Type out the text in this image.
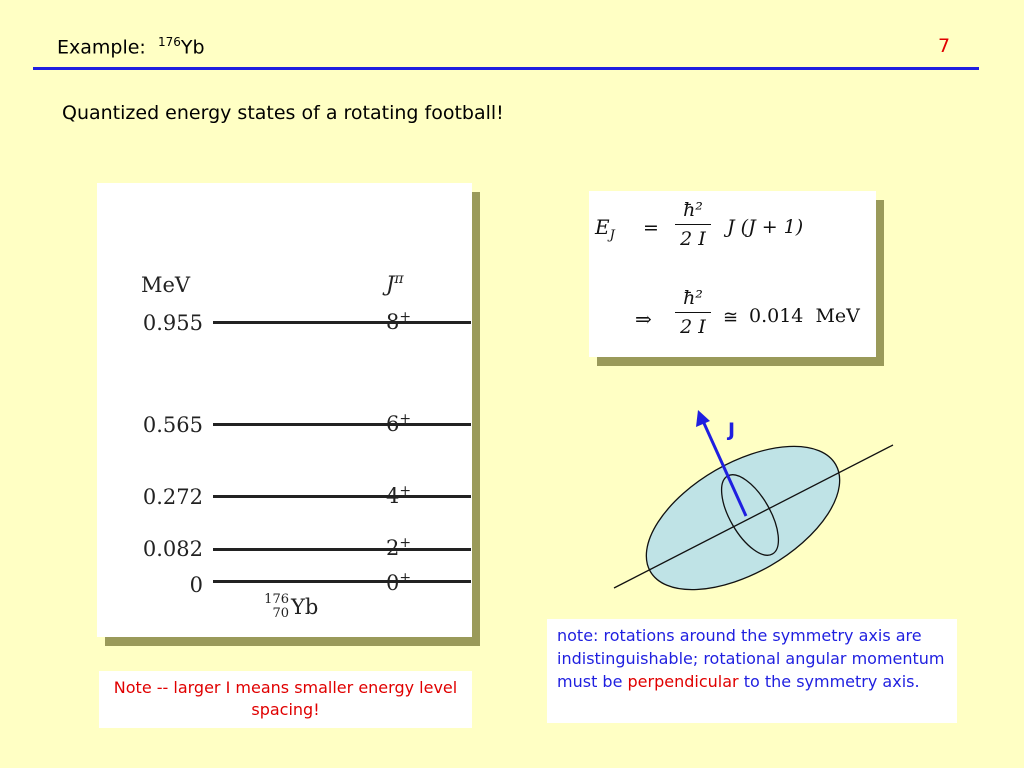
Example: $^{176}$Yb	7
Quantized energy states of a rotating football!
MeV	$J^\pi$
0.955	8+
0.565	6+
0.272	4+
0.082	2+
0	0+
176
70 Yb
$E_J$ =
ħ²
2 I
J (J + 1)
⇒
ħ²
2 I ≅ 0.014  MeV
J
Note -- larger I means smaller energy level spacing!
note: rotations around the symmetry axis are indistinguishable; rotational angular momentum must be perpendicular to the symmetry axis.
